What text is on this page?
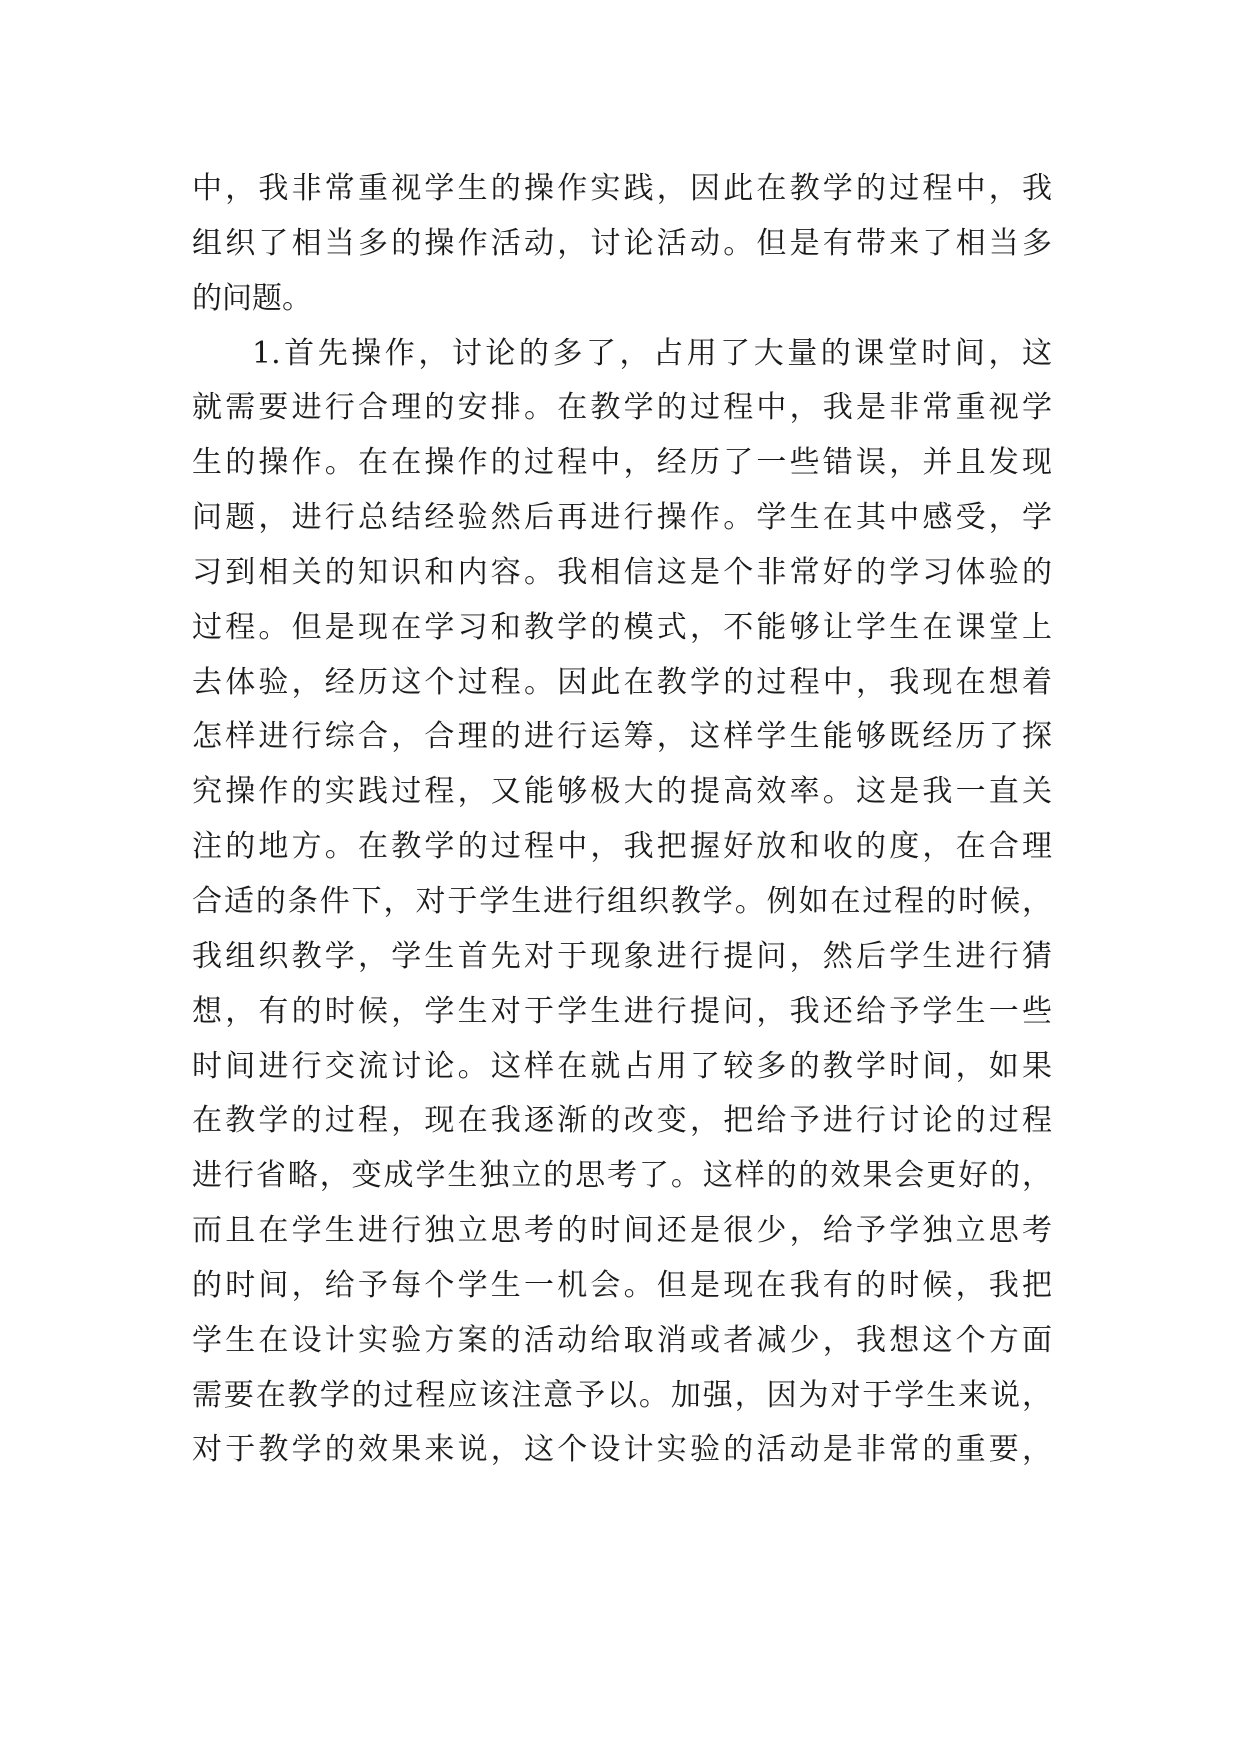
中，我非常重视学生的操作实践，因此在教学的过程中，我

组织了相当多的操作活动，讨论活动。但是有带来了相当多

的问题。

1.首先操作，讨论的多了，占用了大量的课堂时间，这

就需要进行合理的安排。在教学的过程中，我是非常重视学

生的操作。在在操作的过程中，经历了一些错误，并且发现

问题，进行总结经验然后再进行操作。学生在其中感受，学

习到相关的知识和内容。我相信这是个非常好的学习体验的

过程。但是现在学习和教学的模式，不能够让学生在课堂上

去体验，经历这个过程。因此在教学的过程中，我现在想着

怎样进行综合，合理的进行运筹，这样学生能够既经历了探

究操作的实践过程，又能够极大的提高效率。这是我一直关

注的地方。在教学的过程中，我把握好放和收的度，在合理

合适的条件下，对于学生进行组织教学。例如在过程的时候，

我组织教学，学生首先对于现象进行提问，然后学生进行猜

想，有的时候，学生对于学生进行提问，我还给予学生一些

时间进行交流讨论。这样在就占用了较多的教学时间，如果

在教学的过程，现在我逐渐的改变，把给予进行讨论的过程

进行省略，变成学生独立的思考了。这样的的效果会更好的，

而且在学生进行独立思考的时间还是很少，给予学独立思考

的时间，给予每个学生一机会。但是现在我有的时候，我把

学生在设计实验方案的活动给取消或者减少，我想这个方面

需要在教学的过程应该注意予以。加强，因为对于学生来说，

对于教学的效果来说，这个设计实验的活动是非常的重要，
